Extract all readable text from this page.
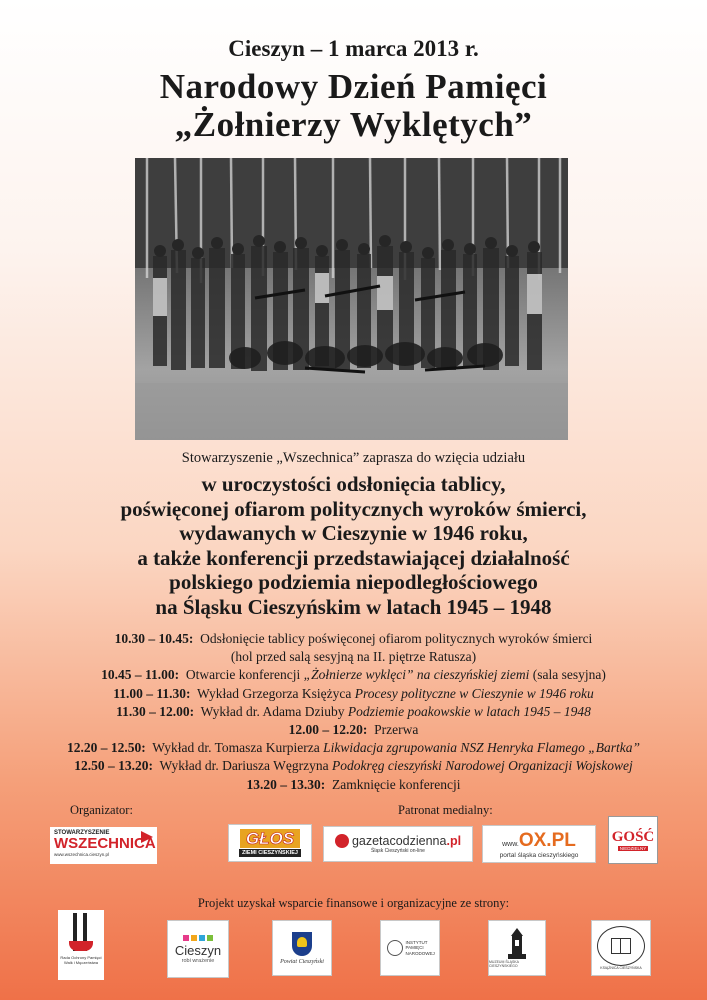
Cieszyn – 1 marca 2013 r.
Narodowy Dzień Pamięci
„Żołnierzy Wyklętych”
Stowarzyszenie „Wszechnica” zaprasza do wzięcia udziału
w uroczystości odsłonięcia tablicy,
poświęconej ofiarom politycznych wyroków śmierci,
wydawanych w Cieszynie w 1946 roku,
a także konferencji przedstawiającej działalność
polskiego podziemia niepodległościowego
na Śląsku Cieszyńskim w latach 1945 – 1948
10.30 – 10.45: Odsłonięcie tablicy poświęconej ofiarom politycznych wyroków śmierci
(hol przed salą sesyjną na II. piętrze Ratusza)
10.45 – 11.00: Otwarcie konferencji „Żołnierze wyklęci” na cieszyńskiej ziemi (sala sesyjna)
11.00 – 11.30: Wykład Grzegorza Księżyca Procesy polityczne w Cieszynie w 1946 roku
11.30 – 12.00: Wykład dr. Adama Dziuby Podziemie poakowskie w latach 1945 – 1948
12.00 – 12.20: Przerwa
12.20 – 12.50: Wykład dr. Tomasza Kurpierza Likwidacja zgrupowania NSZ Henryka Flamego „Bartka”
12.50 – 13.20: Wykład dr. Dariusza Węgrzyna Podokręg cieszyński Narodowej Organizacji Wojskowej
13.20 – 13.30: Zamknięcie konferencji
Organizator:
STOWARZYSZENIE
WSZECHNICA
www.wszechnica.cieszyn.pl
Patronat medialny:
GŁOS
ZIEMI CIESZYŃSKIEJ
gazetacodzienna .pl
Śląsk Cieszyński on-line
www. OX.PL
portal śląska cieszyńskiego
GOŚĆ
NIEDZIELNY
Projekt uzyskał wsparcie finansowe i organizacyjne ze strony:
Rada Ochrony Pamięci Walk i Męczeństwa
Cieszyn
robi wrażenie	Powiat Cieszyński
INSTYTUT PAMIĘCI NARODOWEJ
MUZEUM ŚLĄSKA CIESZYŃSKIEGO	KSIĄŻNICA CIESZYŃSKA
